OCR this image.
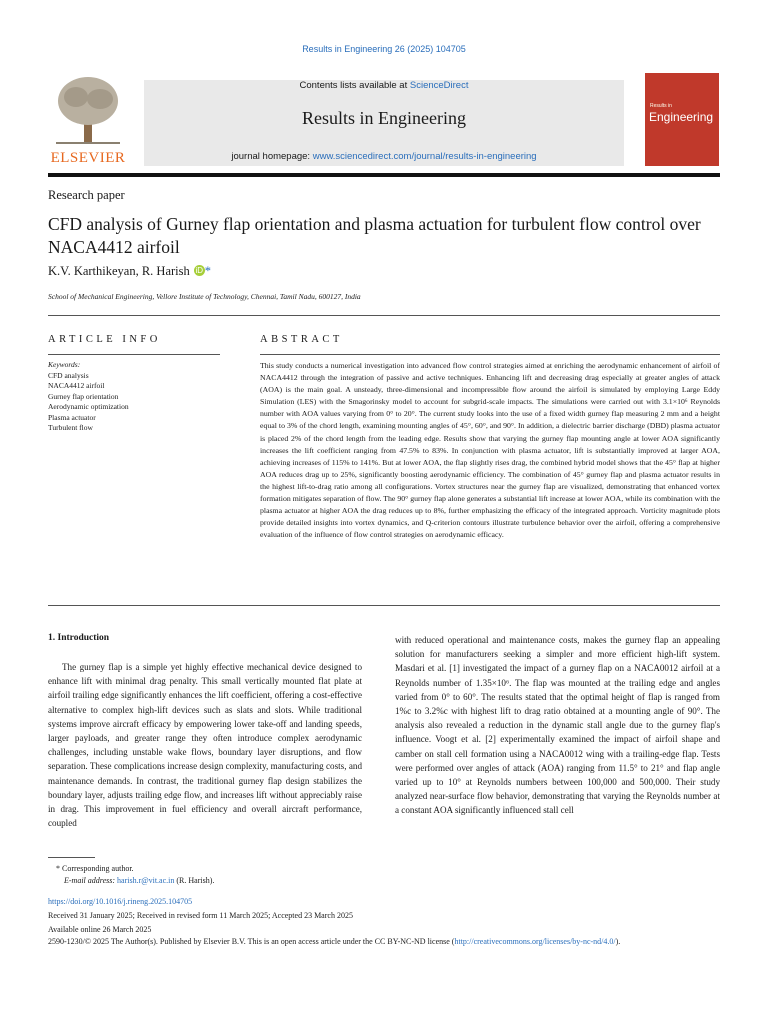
Results in Engineering 26 (2025) 104705
ELSEVIER
Contents lists available at ScienceDirect
Results in Engineering
journal homepage: www.sciencedirect.com/journal/results-in-engineering
Results in
Engineering
Research paper
CFD analysis of Gurney flap orientation and plasma actuation for turbulent flow control over NACA4412 airfoil
K.V. Karthikeyan, R. Harish iD *
School of Mechanical Engineering, Vellore Institute of Technology, Chennai, Tamil Nadu, 600127, India
ARTICLE INFO	ABSTRACT
Keywords:
CFD analysis
NACA4412 airfoil
Gurney flap orientation
Aerodynamic optimization
Plasma actuator
Turbulent flow
This study conducts a numerical investigation into advanced flow control strategies aimed at enriching the aerodynamic enhancement of airfoil of NACA4412 through the integration of passive and active techniques. Enhancing lift and decreasing drag especially at greater angles of attack (AOA) is the main goal. A unsteady, three-dimensional and incompressible flow around the airfoil is simulated by employing Large Eddy Simulation (LES) with the Smagorinsky model to account for subgrid-scale impacts. The simulations were carried out with 3.1×10⁶ Reynolds number with AOA values varying from 0° to 20°. The current study looks into the use of a fixed width gurney flap measuring 2 mm and a height equal to 3% of the chord length, examining mounting angles of 45°, 60°, and 90°. In addition, a dielectric barrier discharge (DBD) plasma actuator is placed 2% of the chord length from the leading edge. Results show that varying the gurney flap mounting angle at lower AOA significantly increases the lift coefficient ranging from 47.5% to 83%. In conjunction with plasma actuator, lift is substantially improved at larger AOA, achieving increases of 115% to 141%. But at lower AOA, the flap slightly rises drag, the combined hybrid model shows that the 45° flap at higher AOA reduces drag up to 25%, significantly boosting aerodynamic efficiency. The combination of 45° gurney flap and plasma actuator results in the highest lift-to-drag ratio among all configurations. Vortex structures near the gurney flap are visualized, demonstrating that enhanced vortex formation mitigates separation of flow. The 90° gurney flap alone generates a substantial lift increase at lower AOA, while its combination with the plasma actuator at higher AOA the drag reduces up to 8%, further emphasizing the efficacy of the integrated approach. Vorticity magnitude plots provide detailed insights into vortex dynamics, and Q-criterion contours illustrate turbulence behavior over the airfoil, offering a comprehensive evaluation of the influence of flow control strategies on aerodynamic efficacy.
1. Introduction

The gurney flap is a simple yet highly effective mechanical device designed to enhance lift with minimal drag penalty. This small vertically mounted flat plate at airfoil trailing edge significantly enhances the lift coefficient, offering a cost-effective alternative to complex high-lift devices such as slats and slots. While traditional systems improve aircraft efficacy by empowering lower take-off and landing speeds, larger payloads, and greater range they often introduce complex aerodynamic challenges, including unstable wake flows, boundary layer disruptions, and flow separation. These complications increase design complexity, manufacturing costs, and maintenance demands. In contrast, the traditional gurney flap design stabilizes the boundary layer, adjusts trailing edge flow, and increases lift without appreciably raise in drag. This improvement in fuel efficiency and overall aircraft performance, coupled

with reduced operational and maintenance costs, makes the gurney flap an appealing solution for manufacturers seeking a simpler and more efficient high-lift system. Masdari et al. [1] investigated the impact of a gurney flap on a NACA0012 airfoil at a Reynolds number of 1.35×10⁶. The flap was mounted at the trailing edge and angles varied from 0° to 60°. The results stated that the optimal height of flap is ranged from 1%c to 3.2%c with highest lift to drag ratio obtained at a mounting angle of 90°. The analysis also revealed a reduction in the dynamic stall angle due to the gurney flap's influence. Voogt et al. [2] experimentally examined the impact of airfoil shape and camber on stall cell formation using a NACA0012 wing with a trailing-edge flap. Tests were performed over angles of attack (AOA) ranging from 11.5° to 21° and flap angle varied up to 10° at Reynolds numbers between 100,000 and 500,000. Their study analyzed near-surface flow behavior, demonstrating that varying the Reynolds number at a constant AOA significantly influenced stall cell

* Corresponding author.
E-mail address: harish.r@vit.ac.in (R. Harish).
https://doi.org/10.1016/j.rineng.2025.104705
Received 31 January 2025; Received in revised form 11 March 2025; Accepted 23 March 2025
Available online 26 March 2025
2590-1230/© 2025 The Author(s). Published by Elsevier B.V. This is an open access article under the CC BY-NC-ND license (http://creativecommons.org/licenses/by-nc-nd/4.0/).
